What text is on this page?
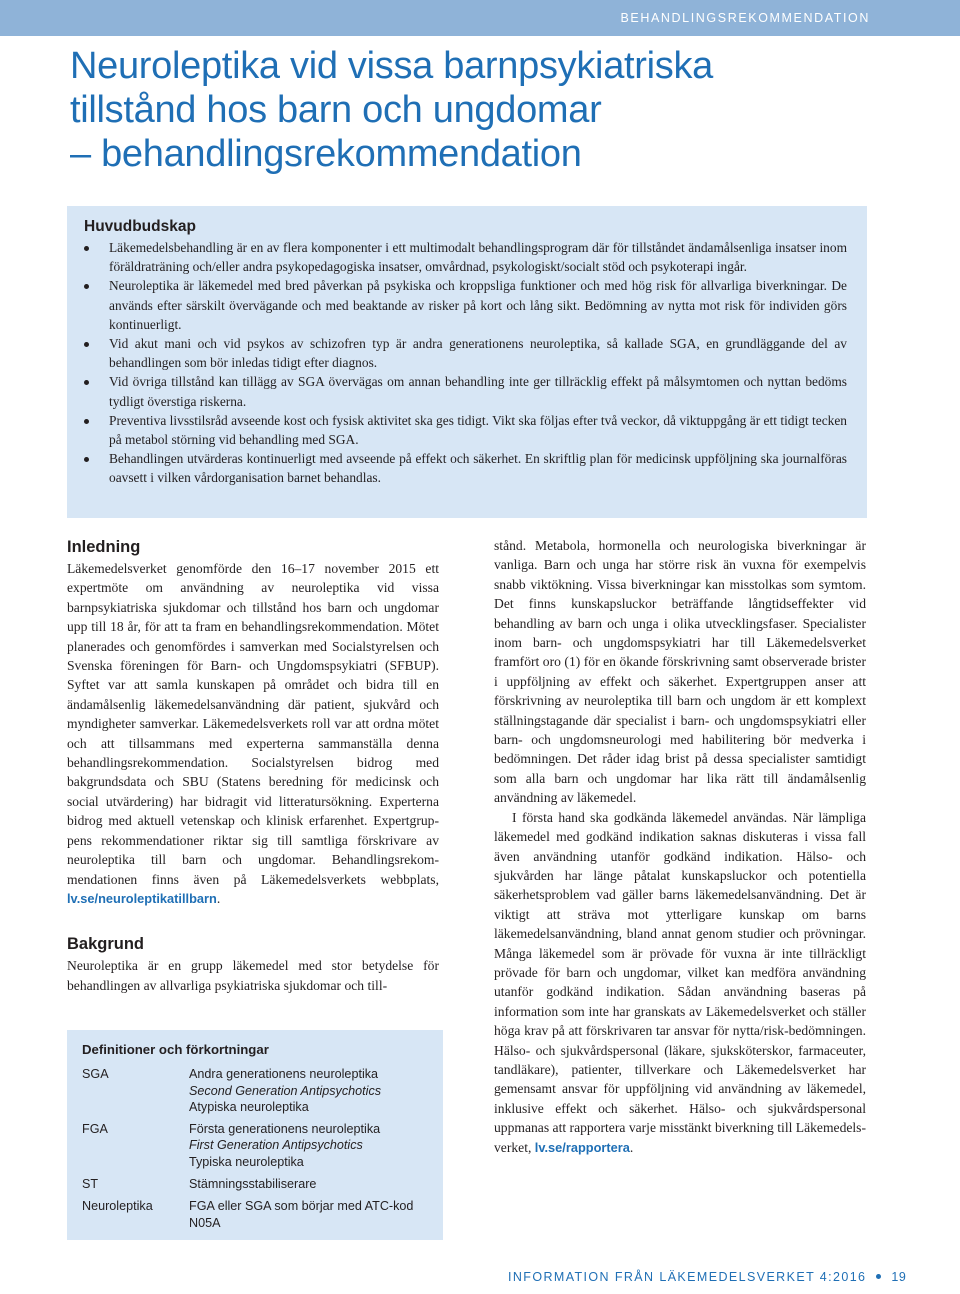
BEHANDLINGSREKOMMENDATION
Neuroleptika vid vissa barnpsykiatriska
tillstånd hos barn och ungdomar
– behandlingsrekommendation
Huvudbudskap
Läkemedelsbehandling är en av flera komponenter i ett multimodalt behandlingsprogram där för tillståndet ändamålsenliga insatser inom föräldraträning och/eller andra psykopedagogiska insatser, omvårdnad, psykologiskt/socialt stöd och psykoterapi ingår.
Neuroleptika är läkemedel med bred påverkan på psykiska och kroppsliga funktioner och med hög risk för allvarliga biverkningar. De används efter särskilt övervägande och med beaktande av risker på kort och lång sikt. Bedömning av nytta mot risk för individen görs kontinuerligt.
Vid akut mani och vid psykos av schizofren typ är andra generationens neuroleptika, så kallade SGA, en grundläggande del av behandlingen som bör inledas tidigt efter diagnos.
Vid övriga tillstånd kan tillägg av SGA övervägas om annan behandling inte ger tillräcklig effekt på målsymtomen och nyttan bedöms tydligt överstiga riskerna.
Preventiva livsstilsråd avseende kost och fysisk aktivitet ska ges tidigt. Vikt ska följas efter två veckor, då viktuppgång är ett tidigt tecken på metabol störning vid behandling med SGA.
Behandlingen utvärderas kontinuerligt med avseende på effekt och säkerhet. En skriftlig plan för medicinsk uppföljning ska journalföras oavsett i vilken vårdorganisation barnet behandlas.
Inledning

Läkemedelsverket genomförde den 16–17 november 2015 ett expertmöte om användning av neuroleptika vid vissa barnpsykiatriska sjukdomar och tillstånd hos barn och ungdomar upp till 18 år, för att ta fram en behandlingsrekommendation. Mötet planerades och genomfördes i samverkan med Socialstyrelsen och Svenska föreningen för Barn- och Ungdomspsykiatri (SFBUP). Syftet var att samla kunskapen på området och bidra till en ändamålsenlig läkemedelsanvändning där patient, sjukvård och myndigheter samverkar. Läkemedelsverkets roll var att ordna mötet och att tillsammans med experterna sammanställa denna behandlingsrekommendation. Socialstyrelsen bidrog med bakgrundsdata och SBU (Statens beredning för medicinsk och social utvärdering) har bidragit vid litteratursökning. Experterna bidrog med aktuell vetenskap och klinisk erfarenhet. Expertgruppens rekommendationer riktar sig till samtliga förskrivare av neuroleptika till barn och ungdomar. Behandlingsrekommendationen finns även på Läkemedelsverkets webbplats, lv.se/neuroleptikatillbarn.

Bakgrund

Neuroleptika är en grupp läkemedel med stor betydelse för behandlingen av allvarliga psykiatriska sjukdomar och till-

Definitioner och förkortningar
SGA	Andra generationens neuroleptika
Second Generation Antipsychotics
Atypiska neuroleptika
FGA	Första generationens neuroleptika
First Generation Antipsychotics
Typiska neuroleptika
ST	Stämningsstabiliserare
Neuroleptika	FGA eller SGA som börjar med ATC-kod
N05A

stånd. Metabola, hormonella och neurologiska biverkningar är vanliga. Barn och unga har större risk än vuxna för exempelvis snabb viktökning. Vissa biverkningar kan misstolkas som symtom. Det finns kunskapsluckor beträffande långtidseffekter vid behandling av barn och unga i olika utvecklingsfaser. Specialister inom barn- och ungdomspsykiatri har till Läkemedelsverket framfört oro (1) för en ökande förskrivning samt observerade brister i uppföljning av effekt och säkerhet. Expertgruppen anser att förskrivning av neuroleptika till barn och ungdom är ett komplext ställningstagande där specialist i barn- och ungdomspsykiatri eller barn- och ungdomsneurologi med habilitering bör medverka i bedömningen. Det råder idag brist på dessa specialister samtidigt som alla barn och ungdomar har lika rätt till ändamålsenlig användning av läkemedel.

I första hand ska godkända läkemedel användas. När lämpliga läkemedel med godkänd indikation saknas diskuteras i vissa fall även användning utanför godkänd indikation. Hälso- och sjukvården har länge påtalat kunskapsluckor och potentiella säkerhetsproblem vad gäller barns läkemedelsanvändning. Det är viktigt att sträva mot ytterligare kunskap om barns läkemedelsanvändning, bland annat genom studier och prövningar. Många läkemedel som är prövade för vuxna är inte tillräckligt prövade för barn och ungdomar, vilket kan medföra användning utanför godkänd indikation. Sådan användning baseras på information som inte har granskats av Läkemedelsverket och ställer höga krav på att förskrivaren tar ansvar för nytta/risk-bedömningen. Hälso- och sjukvårdspersonal (läkare, sjuksköterskor, farmaceuter, tandläkare), patienter, tillverkare och Läkemedelsverket har gemensamt ansvar för uppföljning vid användning av läkemedel, inklusive effekt och säkerhet. Hälso- och sjukvårdspersonal uppmanas att rapportera varje misstänkt biverkning till Läkemedelsverket, lv.se/rapportera.

INFORMATION FRÅN LÄKEMEDELSVERKET 4:2016 19
